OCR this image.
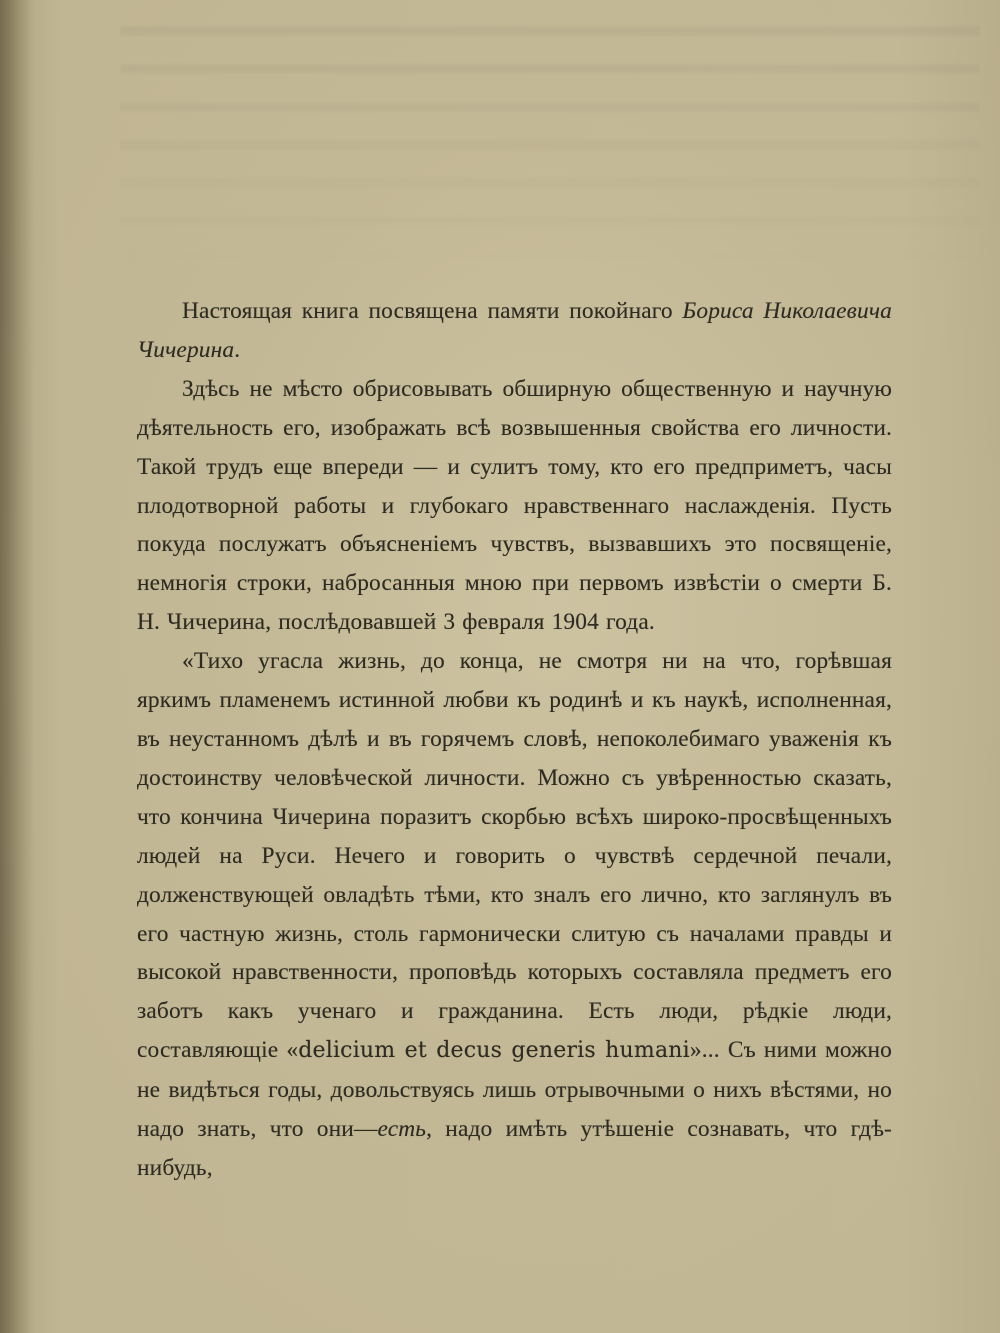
Настоящая книга посвящена памяти покойнаго Бориса Николаевича Чичерина.

Здѣсь не мѣсто обрисовывать обширную общественную и научную дѣятельность его, изображать всѣ возвышенныя свойства его личности. Такой трудъ еще впереди — и сулитъ тому, кто его предприметъ, часы плодотворной работы и глубокаго нравственнаго наслажденія. Пусть покуда послужатъ объясненіемъ чувствъ, вызвавшихъ это посвященіе, немногія строки, набросанныя мною при первомъ извѣстіи о смерти Б. Н. Чичерина, послѣдовавшей 3 февраля 1904 года.

«Тихо угасла жизнь, до конца, не смотря ни на что, горѣвшая яркимъ пламенемъ истинной любви къ родинѣ и къ наукѣ, исполненная, въ неустанномъ дѣлѣ и въ горячемъ словѣ, непоколебимаго уваженія къ достоинству человѣческой личности. Можно съ увѣренностью сказать, что кончина Чичерина поразитъ скорбью всѣхъ широко-просвѣщенныхъ людей на Руси. Нечего и говорить о чувствѣ сердечной печали, долженствующей овладѣть тѣми, кто зналъ его лично, кто заглянулъ въ его частную жизнь, столь гармонически слитую съ началами правды и высокой нравственности, проповѣдь которыхъ составляла предметъ его заботъ какъ ученаго и гражданина. Есть люди, рѣдкіе люди, составляющіе «delicium et decus generis humani»... Съ ними можно не видѣться годы, довольствуясь лишь отрывочными о нихъ вѣстями, но надо знать, что они—есть, надо имѣть утѣшеніе сознавать, что гдѣ-нибудь,
